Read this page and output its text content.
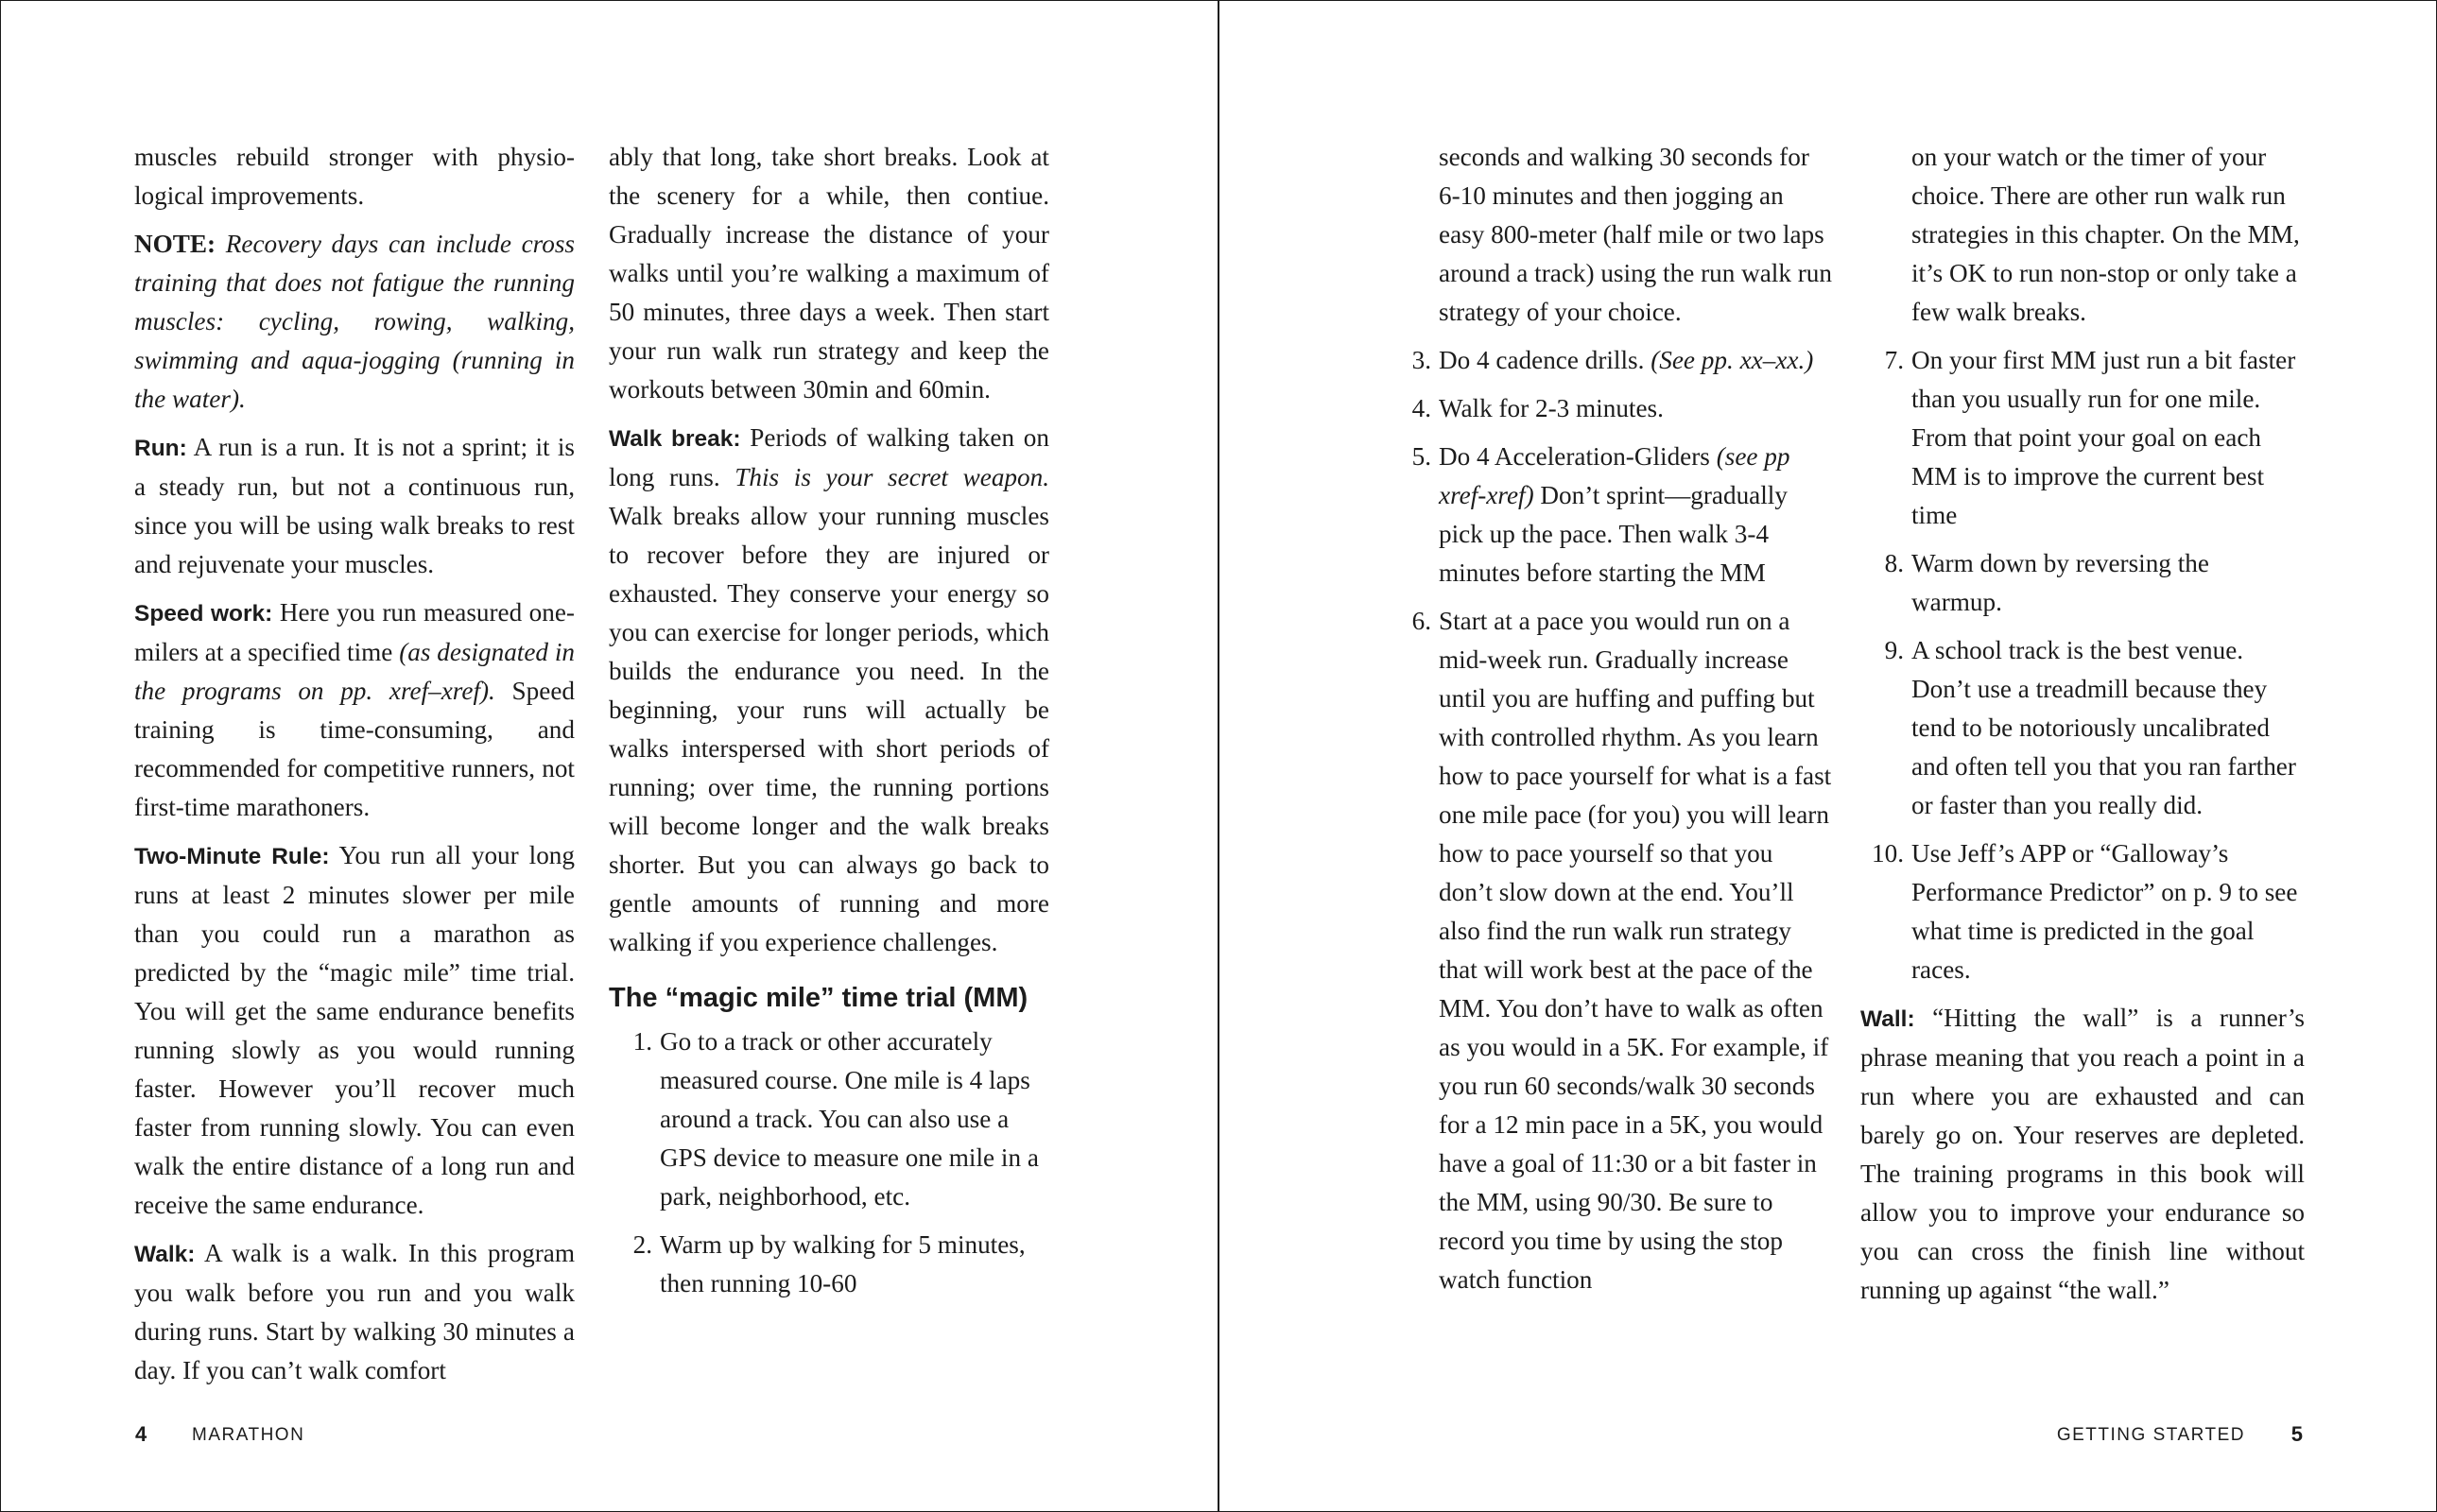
muscles rebuild stronger with physiological improvements.

NOTE: Recovery days can include cross training that does not fatigue the running muscles: cycling, rowing, walking, swimming and aqua-jogging (running in the water).

Run: A run is a run. It is not a sprint; it is a steady run, but not a continuous run, since you will be using walk breaks to rest and rejuvenate your muscles.

Speed work: Here you run measured one-milers at a specified time (as designated in the programs on pp. xref–xref). Speed training is time-consuming, and recommended for competitive runners, not first-time marathoners.

Two-Minute Rule: You run all your long runs at least 2 minutes slower per mile than you could run a marathon as predicted by the “magic mile” time trial. You will get the same endurance benefits running slowly as you would running faster. However you’ll recover much faster from running slowly. You can even walk the entire distance of a long run and receive the same endurance.

Walk: A walk is a walk. In this program you walk before you run and you walk during runs. Start by walking 30 minutes a day. If you can’t walk comfort

ably that long, take short breaks. Look at the scenery for a while, then contiue. Gradually increase the distance of your walks until you’re walking a maximum of 50 minutes, three days a week. Then start your run walk run strategy and keep the workouts between 30min and 60min.

Walk break: Periods of walking taken on long runs. This is your secret weapon. Walk breaks allow your running muscles to recover before they are injured or exhausted. They conserve your energy so you can exercise for longer periods, which builds the endurance you need. In the beginning, your runs will actually be walks interspersed with short periods of running; over time, the running portions will become longer and the walk breaks shorter. But you can always go back to gentle amounts of running and more walking if you experience challenges.

The “magic mile” time trial (MM)
1. Go to a track or other accurately measured course. One mile is 4 laps around a track. You can also use a GPS device to measure one mile in a park, neighborhood, etc.
2. Warm up by walking for 5 minutes, then running 10-60
seconds and walking 30 seconds for 6-10 minutes and then jogging an easy 800-meter (half mile or two laps around a track) using the run walk run strategy of your choice.
3. Do 4 cadence drills. (See pp. xx–xx.)
4. Walk for 2-3 minutes.
5. Do 4 Acceleration-Gliders (see pp xref-xref) Don’t sprint—gradually pick up the pace. Then walk 3-4 minutes before starting the MM
6. Start at a pace you would run on a mid-week run. Gradually increase until you are huffing and puffing but with controlled rhythm. As you learn how to pace yourself for what is a fast one mile pace (for you) you will learn how to pace yourself so that you don’t slow down at the end. You’ll also find the run walk run strategy that will work best at the pace of the MM. You don’t have to walk as often as you would in a 5K. For example, if you run 60 seconds/walk 30 seconds for a 12 min pace in a 5K, you would have a goal of 11:30 or a bit faster in the MM, using 90/30. Be sure to record you time by using the stop watch function
on your watch or the timer of your choice. There are other run walk run strategies in this chapter. On the MM, it’s OK to run non-stop or only take a few walk breaks.
7. On your first MM just run a bit faster than you usually run for one mile. From that point your goal on each MM is to improve the current best time
8. Warm down by reversing the warmup.
9. A school track is the best venue. Don’t use a treadmill because they tend to be notoriously uncalibrated and often tell you that you ran farther or faster than you really did.
10. Use Jeff’s APP or “Galloway’s Performance Predictor” on p. 9 to see what time is predicted in the goal races.

Wall: “Hitting the wall” is a runner’s phrase meaning that you reach a point in a run where you are exhausted and can barely go on. Your reserves are depleted. The training programs in this book will allow you to improve your endurance so you can cross the finish line without running up against “the wall.”

4	MARATHON	GETTING STARTED 5
